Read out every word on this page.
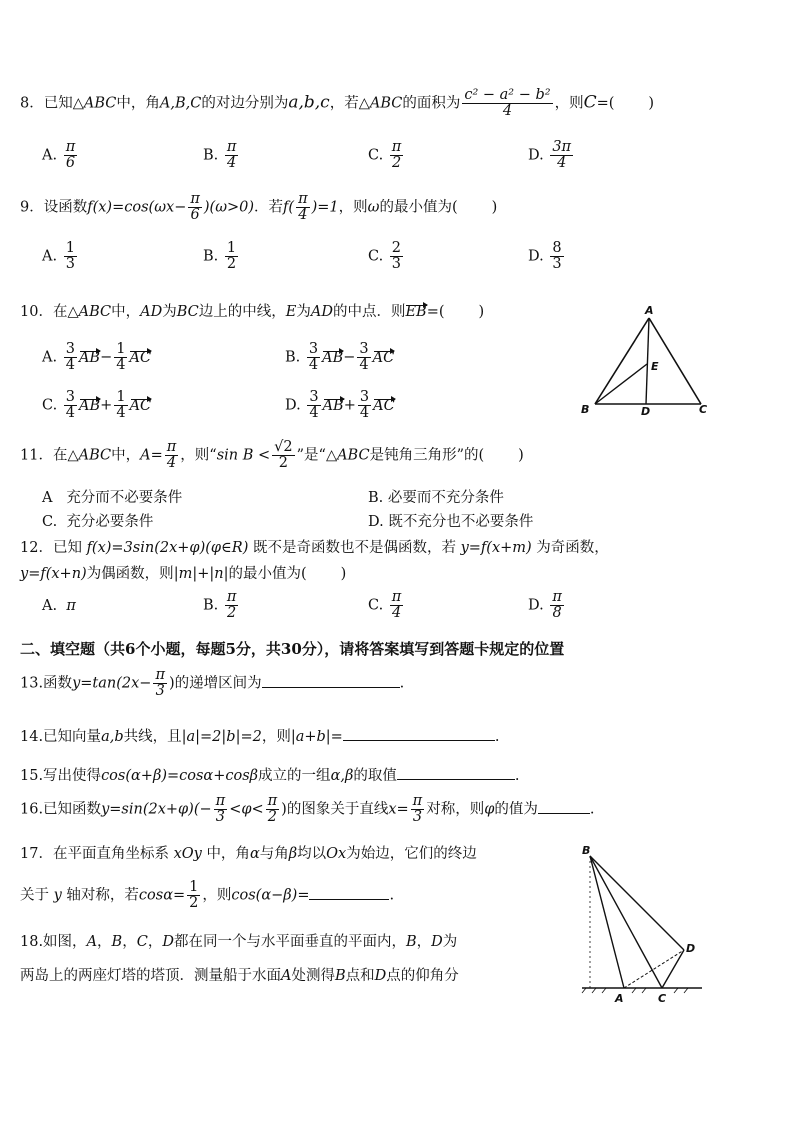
8．已知△ABC中，角A,B,C的对边分别为a,b,c，若△ABC的面积为 $\frac{\text{c² − a² − b²}}{4}$ ，则C=( )
A. $\frac{\pi}{6}$	B. $\frac{\pi}{4}$	C. $\frac{\pi}{2}$	D. $\frac{3\pi}{4}$
9．设函数$f(x)=\cos(\omega x- \frac{\pi}{6} )(\omega>0)$．若$f( \frac{\pi}{4} )=1$，则ω的最小值为( )
A. $\frac{1}{3}$	B. $\frac{1}{2}$	C. $\frac{2}{3}$	D. $\frac{8}{3}$
10．在△ABC中，AD为BC边上的中线，E为AD的中点．则EB=( )
A. $\frac{3}{4} AB- \frac{1}{4}$ AC	B. $\frac{3}{4} AB- \frac{3}{4}$ AC
C. $\frac{3}{4} AB+ \frac{1}{4}$ AC	D. $\frac{3}{4} AB+ \frac{3}{4}$ AC
A
B	C
D
E
11．在△ABC中，$A= \frac{\pi}{4}$ ，则“sin $B < \frac{√2}{2}$ ”是“△ABC是钝角三角形”的( )
A 充分而不必要条件	B. 必要而不充分条件
C. 充分必要条件	D. 既不充分也不必要条件
12．已知 f(x)=3sin(2x+φ)(φ∈R) 既不是奇函数也不是偶函数，若 y=f(x+m) 为奇函数，
y=f(x+n)为偶函数，则|m|+|n|的最小值为( )
A. π	B. $\frac{\pi}{2}$	C. $\frac{\pi}{4}$	D. $\frac{\pi}{8}$
二、填空题（共6个小题，每题5分，共30分），请将答案填写到答题卡规定的位置
13.函数$y=\tan(2x- \frac{\pi}{3}$ )的递增区间为	.
14.已知向量a,b共线，且|a|=2|b|=2，则|a+b|=	.
15.写出使得cos(α+β)=cosα+cosβ成立的一组α,β的取值	.
16.已知函数$y=\sin(2x+\varphi)(- \frac{\pi}{3} <\varphi< \frac{\pi}{2}$ )的图象关于直线$x= \frac{\pi}{3}$ 对称，则φ的值为	.
17．在平面直角坐标系 xOy 中，角α与角β均以Ox为始边，它们的终边
关于 y 轴对称，若$\cos\alpha= \frac{1}{2}$ ，则cos(α−β)=	.
18.如图，A，B，C，D都在同一个与水平面垂直的平面内，B，D为
两岛上的两座灯塔的塔顶．测量船于水面A处测得B点和D点的仰角分
B
D
A	C
